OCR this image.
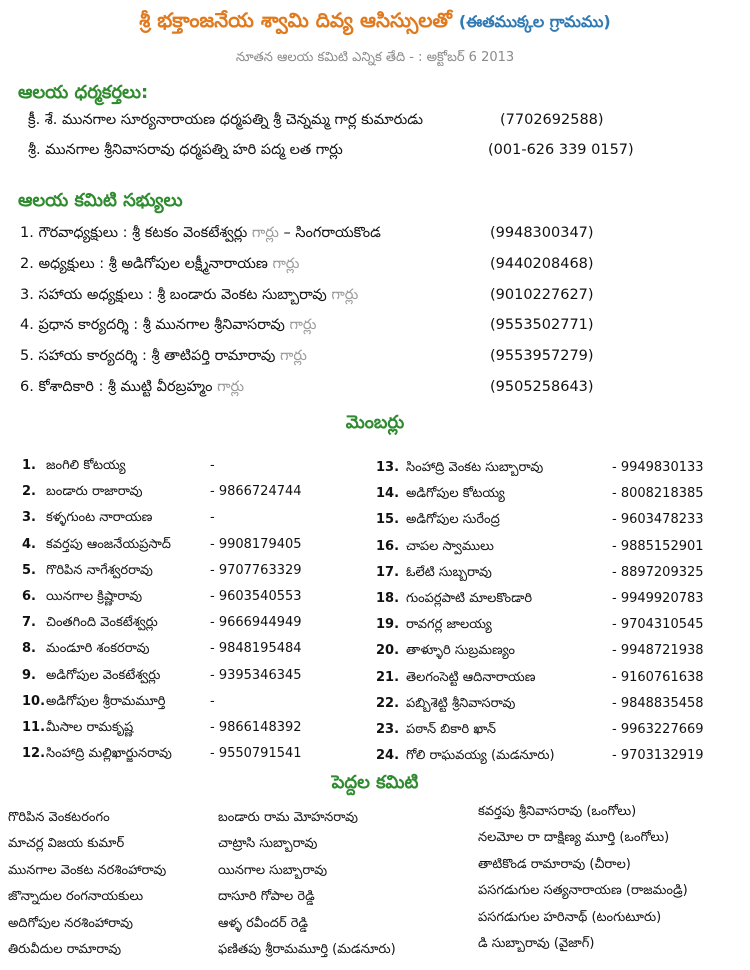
శ్రీ భక్తాంజనేయ శ్వామి దివ్య ఆసిస్సులతో (ఈతముక్కల గ్రామము)
నూతన ఆలయ కమిటి ఎన్నిక తేది - : అక్టోబర్ 6 2013
ఆలయ ధర్మకర్తలు:
క్రీ. శే. మునగాల సూర్యనారాయణ ధర్మపత్ని శ్రీ చెన్నమ్మ గార్ల కుమారుడు	(7702692588)
శ్రీ. మునగాల శ్రీనివాసరావు ధర్మపత్ని హరి పద్మ లత గార్లు	(001-626 339 0157)
ఆలయ కమిటి సభ్యులు
1. గౌరవాధ్యక్షులు : శ్రీ కటకం వెంకటేశ్వర్లు గార్లు – సింగరాయకొండ	(9948300347)
2. అధ్యక్షులు : శ్రీ అడిగోపుల లక్ష్మీనారాయణ గార్లు	(9440208468)
3. సహాయ అధ్యక్షులు : శ్రీ బండారు వెంకట సుబ్బారావు గార్లు	(9010227627)
4. ప్రధాన కార్యదర్శి : శ్రీ మునగాల శ్రీనివాసరావు గార్లు	(9553502771)
5. సహాయ కార్యదర్శి : శ్రీ తాటిపర్తి రామారావు గార్లు	(9553957279)
6. కోశాదికారి : శ్రీ ముట్టి వీరబ్రహ్మం గార్లు	(9505258643)
మెంబర్లు
1. జంగిలి కోటయ్య	-
2. బండారు రాజారావు	- 9866724744
3. కళ్ళగుంట నారాయణ	-
4. కవర్తపు ఆంజనేయప్రసాద్	- 9908179405
5. గొరిపిన నాగేశ్వరరావు	- 9707763329
6. యినగాల క్రిష్ణారావు	- 9603540553
7. చింతగింది వెంకటేశ్వర్లు	- 9666944949
8. మండూరి శంకరరావు	- 9848195484
9. అడిగోపుల వెంకటేశ్వర్లు	- 9395346345
10.అడిగోపుల శ్రీరామమూర్తి	-
11.మీసాల రామకృష్ణ	- 9866148392
12.సింహాద్రి మల్లిఖార్జునరావు	- 9550791541
13. సింహాద్రి వెంకట సుబ్బారావు	- 9949830133
14. అడిగోపుల కోటయ్య	- 8008218385
15. అడిగోపుల సురేంద్ర	- 9603478233
16. చాపల స్వాములు	- 9885152901
17. ఓలేటి సుబ్బరావు	- 8897209325
18. గుంపర్లపాటి మాలకొండారి	- 9949920783
19. రావగర్ల జాలయ్య	- 9704310545
20. తాళ్ళూరి సుబ్రమణ్యం	- 9948721938
21. తెలగంసెట్టి ఆదినారాయణ	- 9160761638
22. పబ్బిశెట్టి శ్రీనివాసరావు	- 9848835458
23. పఠాన్ బికారి ఖాన్	- 9963227669
24. గోలి రాఘవయ్య (మడనూరు)	- 9703132919
పెద్దల కమిటి
గొరిపిన వెంకటరంగం
మాచర్ల విజయ కుమార్
మునగాల వెంకట నరశింహారావు
జొన్నాదుల రంగనాయకులు
అదిగోపుల నరశింహారావు
తిరువీదుల రామారావు
బండారు రామ మోహనరావు
చాట్రాసి సుబ్బారావు
యినగాల సుబ్బారావు
దాసూరి గోపాల రెడ్డి
ఆళ్ళ రవీందర్ రెడ్డి
ఫణితపు శ్రీరామమూర్తి (మడనూరు)
కవర్తపు శ్రీనివాసరావు (ఒంగోలు)
నలమోల రా దాక్షిణ్య మూర్తి (ఒంగోలు)
తాటికొండ రామారావు (చీరాల)
పసగడుగుల సత్యనారాయణ (రాజమండ్రి)
పసగడుగుల హరినాథ్ (టంగుటూరు)
డి సుబ్బారావు (వైజాగ్)
